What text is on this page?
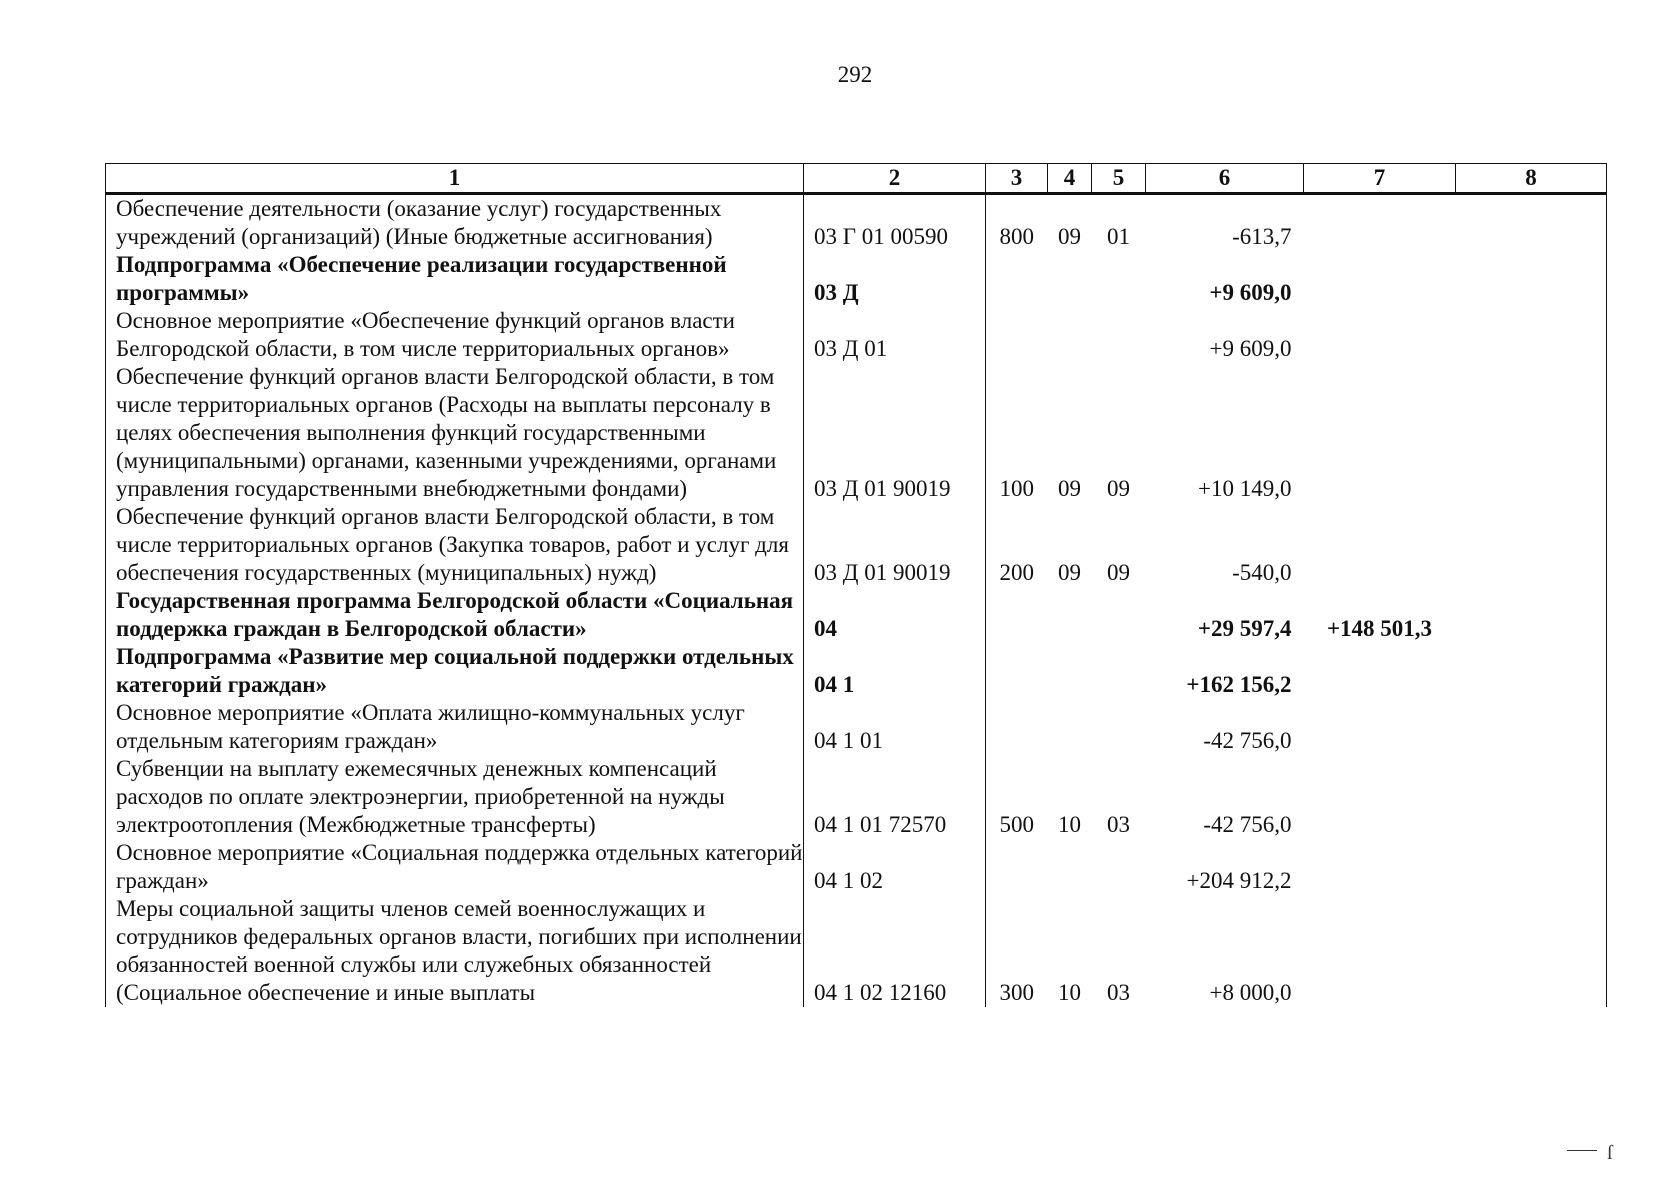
292
1	2	3	4	5	6	7	8
Обеспечение деятельности (оказание услуг) государственных учреждений (организаций) (Иные бюджетные ассигнования)	03 Г 01 00590	800	09	01	-613,7		
Подпрограмма «Обеспечение реализации государственной программы»	03 Д				+9 609,0		
Основное мероприятие «Обеспечение функций органов власти Белгородской области, в том числе территориальных органов»	03 Д 01				+9 609,0		
Обеспечение функций органов власти Белгородской области, в том числе территориальных органов (Расходы на выплаты персоналу в целях обеспечения выполнения функций государственными (муниципальными) органами, казенными учреждениями, органами управления государственными внебюджетными фондами)	03 Д 01 90019	100	09	09	+10 149,0		
Обеспечение функций органов власти Белгородской области, в том числе территориальных органов (Закупка товаров, работ и услуг для обеспечения государственных (муниципальных) нужд)	03 Д 01 90019	200	09	09	-540,0		
Государственная программа Белгородской области «Социальная поддержка граждан в Белгородской области»	04				+29 597,4	+148 501,3	
Подпрограмма «Развитие мер социальной поддержки отдельных категорий граждан»	04 1				+162 156,2		
Основное мероприятие «Оплата жилищно-коммунальных услуг отдельным категориям граждан»	04 1 01				-42 756,0		
Субвенции на выплату ежемесячных денежных компенсаций расходов по оплате электроэнергии, приобретенной на нужды электроотопления (Межбюджетные трансферты)	04 1 01 72570	500	10	03	-42 756,0		
Основное мероприятие «Социальная поддержка отдельных категорий граждан»	04 1 02				+204 912,2		
Меры социальной защиты членов семей военнослужащих и сотрудников федеральных органов власти, погибших при исполнении обязанностей военной службы или служебных обязанностей (Социальное обеспечение и иные выплаты	04 1 02 12160	300	10	03	+8 000,0		
ſ
